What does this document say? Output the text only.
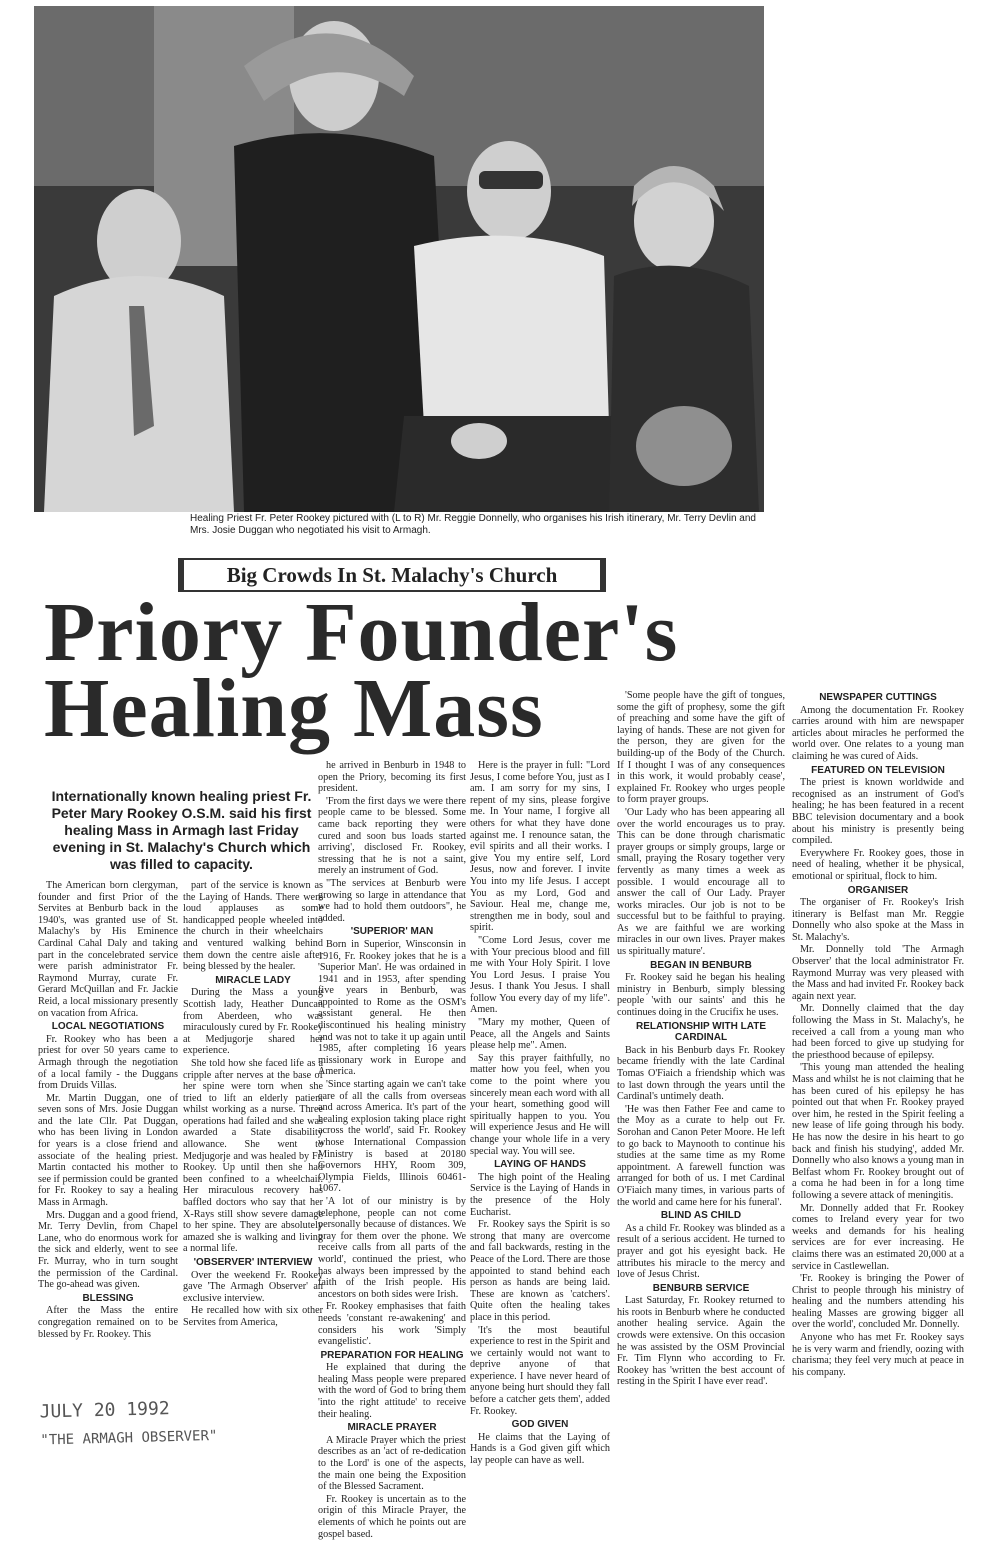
Healing Priest Fr. Peter Rookey pictured with (L to R) Mr. Reggie Donnelly, who organises his Irish itinerary, Mr. Terry Devlin and Mrs. Josie Duggan who negotiated his visit to Armagh.
Big Crowds In St. Malachy's Church
Priory Founder's Healing Mass
Internationally known healing priest Fr. Peter Mary Rookey O.S.M. said his first healing Mass in Armagh last Friday evening in St. Malachy's Church which was filled to capacity.

The American born clergyman, founder and first Prior of the Servites at Benburb back in the 1940's, was granted use of St. Malachy's by His Eminence Cardinal Cahal Daly and taking part in the concelebrated service were parish administrator Fr. Raymond Murray, curate Fr. Gerard McQuillan and Fr. Jackie Reid, a local missionary presently on vacation from Africa.

LOCAL NEGOTIATIONS

Fr. Rookey who has been a priest for over 50 years came to Armagh through the negotiation of a local family - the Duggans from Druids Villas.

Mr. Martin Duggan, one of seven sons of Mrs. Josie Duggan and the late Cllr. Pat Duggan, who has been living in London for years is a close friend and associate of the healing priest. Martin contacted his mother to see if permission could be granted for Fr. Rookey to say a healing Mass in Armagh.

Mrs. Duggan and a good friend, Mr. Terry Devlin, from Chapel Lane, who do enormous work for the sick and elderly, went to see Fr. Murray, who in turn sought the permission of the Cardinal. The go-ahead was given.

BLESSING

After the Mass the entire congregation remained on to be blessed by Fr. Rookey. This

part of the service is known as the Laying of Hands. There were loud applauses as some handicapped people wheeled into the church in their wheelchairs and ventured walking behind them down the centre aisle after being blessed by the healer.

MIRACLE LADY

During the Mass a young Scottish lady, Heather Duncan from Aberdeen, who was miraculously cured by Fr. Rookey at Medjugorje shared her experience.

She told how she faced life as a cripple after nerves at the base of her spine were torn when she tried to lift an elderly patient whilst working as a nurse. Three operations had failed and she was awarded a State disability allowance. She went to Medjugorje and was healed by Fr. Rookey. Up until then she had been confined to a wheelchair. Her miraculous recovery has baffled doctors who say that her X-Rays still show severe damage to her spine. They are absolutely amazed she is walking and living a normal life.

'OBSERVER' INTERVIEW

Over the weekend Fr. Rookey gave 'The Armagh Observer' an exclusive interview.

He recalled how with six other Servites from America,

he arrived in Benburb in 1948 to open the Priory, becoming its first president.

'From the first days we were there people came to be blessed. Some came back reporting they were cured and soon bus loads started arriving', disclosed Fr. Rookey, stressing that he is not a saint, merely an instrument of God.

"The services at Benburb were growing so large in attendance that we had to hold them outdoors", he added.

'SUPERIOR' MAN

Born in Superior, Winsconsin in 1916, Fr. Rookey jokes that he is a 'Superior Man'. He was ordained in 1941 and in 1953, after spending five years in Benburb, was appointed to Rome as the OSM's assistant general. He then discontinued his healing ministry and was not to take it up again until 1985, after completing 16 years missionary work in Europe and America.

'Since starting again we can't take care of all the calls from overseas and across America. It's part of the healing explosion taking place right across the world', said Fr. Rookey whose International Compassion Ministry is based at 20180 Governors HHY, Room 309, Olympia Fields, Illinois 60461-1067.

'A lot of our ministry is by telephone, people can not come personally because of distances. We pray for them over the phone. We receive calls from all parts of the world', continued the priest, who has always been impressed by the faith of the Irish people. His ancestors on both sides were Irish.

Fr. Rookey emphasises that faith needs 'constant re-awakening' and considers his work 'Simply evangelistic'.

PREPARATION FOR HEALING

He explained that during the healing Mass people were prepared with the word of God to bring them 'into the right attitude' to receive their healing.

MIRACLE PRAYER

A Miracle Prayer which the priest describes as an 'act of re-dedication to the Lord' is one of the aspects, the main one being the Exposition of the Blessed Sacrament.

Fr. Rookey is uncertain as to the origin of this Miracle Prayer, the elements of which he points out are gospel based.

Here is the prayer in full: "Lord Jesus, I come before You, just as I am. I am sorry for my sins, I repent of my sins, please forgive me. In Your name, I forgive all others for what they have done against me. I renounce satan, the evil spirits and all their works. I give You my entire self, Lord Jesus, now and forever. I invite You into my life Jesus. I accept You as my Lord, God and Saviour. Heal me, change me, strengthen me in body, soul and spirit.

"Come Lord Jesus, cover me with Your precious blood and fill me with Your Holy Spirit. I love You Lord Jesus. I praise You Jesus. I thank You Jesus. I shall follow You every day of my life". Amen.

"Mary my mother, Queen of Peace, all the Angels and Saints please help me". Amen.

Say this prayer faithfully, no matter how you feel, when you come to the point where you sincerely mean each word with all your heart, something good will spiritually happen to you. You will experience Jesus and He will change your whole life in a very special way. You will see.

LAYING OF HANDS

The high point of the Healing Service is the Laying of Hands in the presence of the Holy Eucharist.

Fr. Rookey says the Spirit is so strong that many are overcome and fall backwards, resting in the Peace of the Lord. There are those appointed to stand behind each person as hands are being laid. These are known as 'catchers'. Quite often the healing takes place in this period.

'It's the most beautiful experience to rest in the Spirit and we certainly would not want to deprive anyone of that experience. I have never heard of anyone being hurt should they fall before a catcher gets them', added Fr. Rookey.

GOD GIVEN

He claims that the Laying of Hands is a God given gift which lay people can have as well.

'Some people have the gift of tongues, some the gift of prophesy, some the gift of preaching and some have the gift of laying of hands. These are not given for the person, they are given for the building-up of the Body of the Church. If I thought I was of any consequences in this work, it would probably cease', explained Fr. Rookey who urges people to form prayer groups.

'Our Lady who has been appearing all over the world encourages us to pray. This can be done through charismatic prayer groups or simply groups, large or small, praying the Rosary together very fervently as many times a week as possible. I would encourage all to answer the call of Our Lady. Prayer works miracles. Our job is not to be successful but to be faithful to praying. As we are faithful we are working miracles in our own lives. Prayer makes us spiritually mature'.

BEGAN IN BENBURB

Fr. Rookey said he began his healing ministry in Benburb, simply blessing people 'with our saints' and this he continues doing in the Crucifix he uses.

RELATIONSHIP WITH LATE CARDINAL

Back in his Benburb days Fr. Rookey became friendly with the late Cardinal Tomas O'Fiaich a friendship which was to last down through the years until the Cardinal's untimely death.

'He was then Father Fee and came to the Moy as a curate to help out Fr. Sorohan and Canon Peter Moore. He left to go back to Maynooth to continue his studies at the same time as my Rome appointment. A farewell function was arranged for both of us. I met Cardinal O'Fiaich many times, in various parts of the world and came here for his funeral'.

BLIND AS CHILD

As a child Fr. Rookey was blinded as a result of a serious accident. He turned to prayer and got his eyesight back. He attributes his miracle to the mercy and love of Jesus Christ.

BENBURB SERVICE

Last Saturday, Fr. Rookey returned to his roots in Benburb where he conducted another healing service. Again the crowds were extensive. On this occasion he was assisted by the OSM Provincial Fr. Tim Flynn who according to Fr. Rookey has 'written the best account of resting in the Spirit I have ever read'.

NEWSPAPER CUTTINGS

Among the documentation Fr. Rookey carries around with him are newspaper articles about miracles he performed the world over. One relates to a young man claiming he was cured of Aids.

FEATURED ON TELEVISION

The priest is known worldwide and recognised as an instrument of God's healing; he has been featured in a recent BBC television documentary and a book about his ministry is presently being compiled.

Everywhere Fr. Rookey goes, those in need of healing, whether it be physical, emotional or spiritual, flock to him.

ORGANISER

The organiser of Fr. Rookey's Irish itinerary is Belfast man Mr. Reggie Donnelly who also spoke at the Mass in St. Malachy's.

Mr. Donnelly told 'The Armagh Observer' that the local administrator Fr. Raymond Murray was very pleased with the Mass and had invited Fr. Rookey back again next year.

Mr. Donnelly claimed that the day following the Mass in St. Malachy's, he received a call from a young man who had been forced to give up studying for the priesthood because of epilepsy.

'This young man attended the healing Mass and whilst he is not claiming that he has been cured of his epilepsy he has pointed out that when Fr. Rookey prayed over him, he rested in the Spirit feeling a new lease of life going through his body. He has now the desire in his heart to go back and finish his studying', added Mr. Donnelly who also knows a young man in Belfast whom Fr. Rookey brought out of a coma he had been in for a long time following a severe attack of meningitis.

Mr. Donnelly added that Fr. Rookey comes to Ireland every year for two weeks and demands for his healing services are for ever increasing. He claims there was an estimated 20,000 at a service in Castlewellan.

'Fr. Rookey is bringing the Power of Christ to people through his ministry of healing and the numbers attending his healing Masses are growing bigger all over the world', concluded Mr. Donnelly.

Anyone who has met Fr. Rookey says he is very warm and friendly, oozing with charisma; they feel very much at peace in his company.

JULY 20 1992
"THE ARMAGH OBSERVER"
